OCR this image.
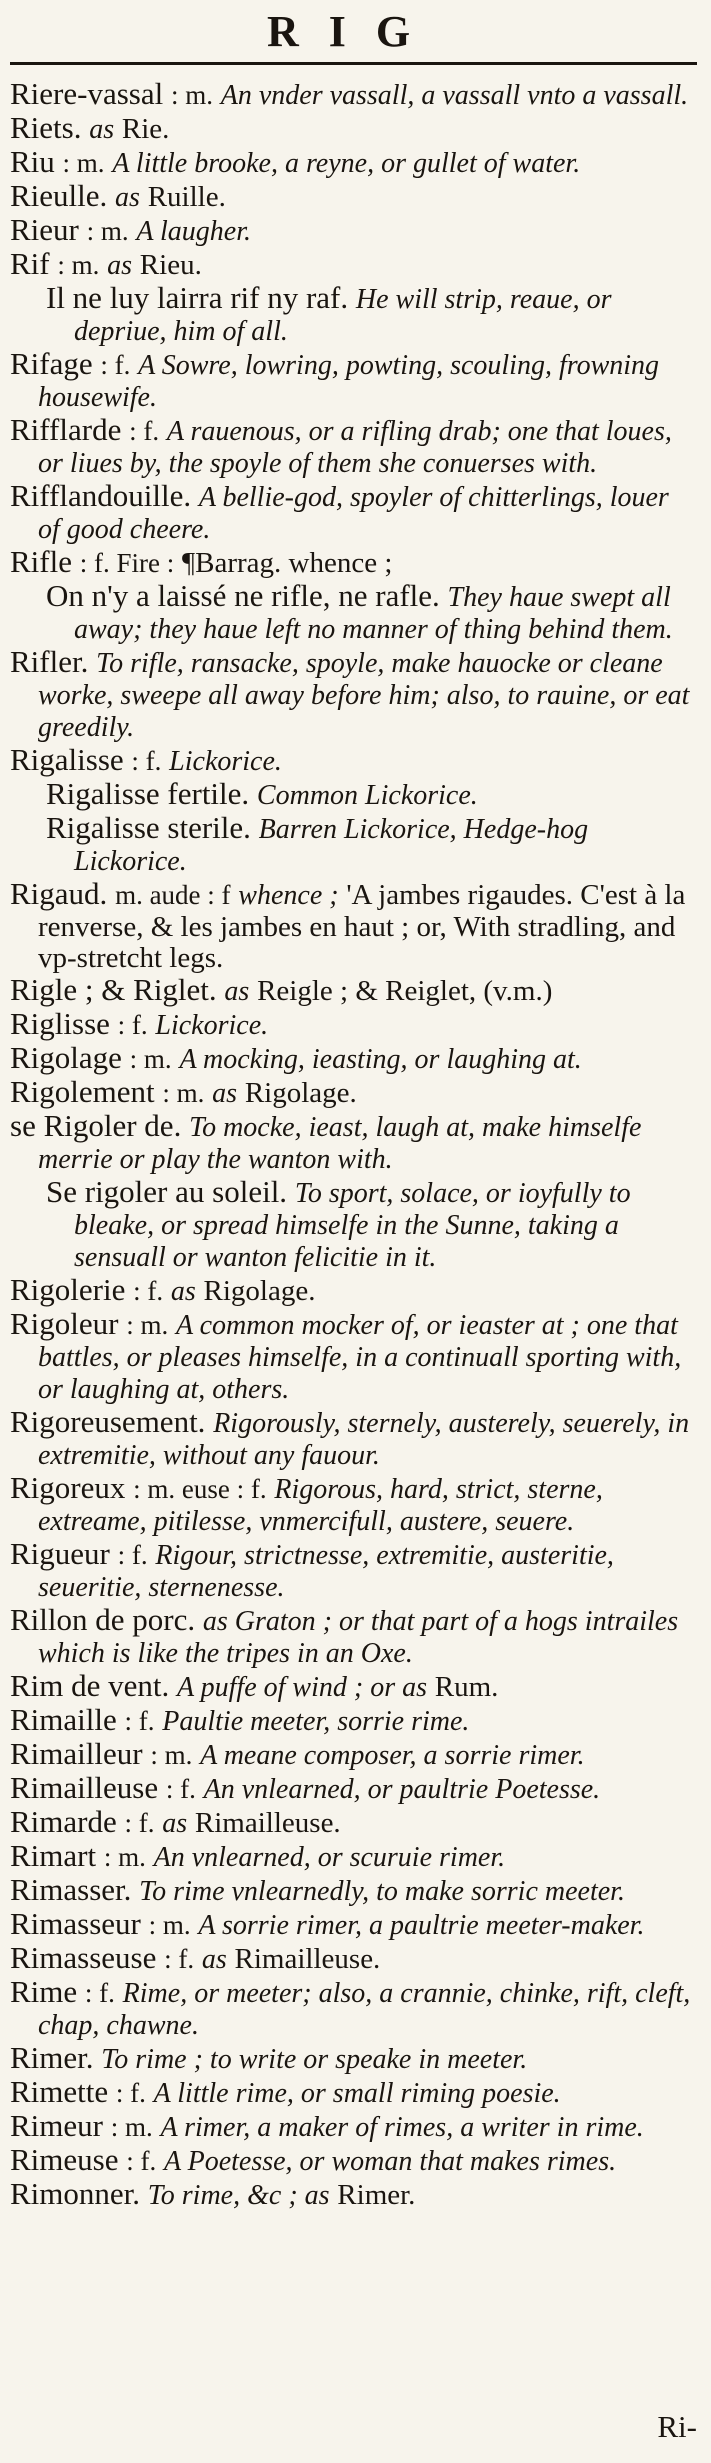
RIG
Riere-vassal : m. An vnder vassall, a vassall vnto a vassall.
Riets. as Rie.
Riu : m. A little brooke, a reyne, or gullet of water.
Rieulle. as Ruille.
Rieur : m. A laugher.
Rif : m. as Rieu.
Il ne luy lairra rif ny raf. He will strip, reaue, or depriue, him of all.
Rifage : f. A Sowre, lowring, powting, scouling, frowning housewife.
Rifflarde : f. A rauenous, or a rifling drab; one that loues, or liues by, the spoyle of them she conuerses with.
Rifflandouille. A bellie-god, spoyler of chitterlings, louer of good cheere.
Rifle : f. Fire : ¶Barrag. whence ;
On n'y a laissé ne rifle, ne rafle. They haue swept all away; they haue left no manner of thing behind them.
Rifler. To rifle, ransacke, spoyle, make hauocke or cleane worke, sweepe all away before him; also, to rauine, or eat greedily.
Rigalisse : f. Lickorice.
Rigalisse fertile. Common Lickorice.
Rigalisse sterile. Barren Lickorice, Hedge-hog Lickorice.
Rigaud. m. aude : f whence ; 'A jambes rigaudes. C'est à la renverse, & les jambes en haut ; or, With stradling, and vp-stretcht legs.
Rigle ; & Riglet. as Reigle ; & Reiglet, (v.m.)
Riglisse : f. Lickorice.
Rigolage : m. A mocking, ieasting, or laughing at.
Rigolement : m. as Rigolage.
se Rigoler de. To mocke, ieast, laugh at, make himselfe merrie or play the wanton with.
Se rigoler au soleil. To sport, solace, or ioyfully to bleake, or spread himselfe in the Sunne, taking a sensuall or wanton felicitie in it.
Rigolerie : f. as Rigolage.
Rigoleur : m. A common mocker of, or ieaster at ; one that battles, or pleases himselfe, in a continuall sporting with, or laughing at, others.
Rigoreusement. Rigorously, sternely, austerely, seuerely, in extremitie, without any fauour.
Rigoreux : m. euse : f. Rigorous, hard, strict, sterne, extreame, pitilesse, vnmercifull, austere, seuere.
Rigueur : f. Rigour, strictnesse, extremitie, austeritie, seueritie, sternenesse.
Rillon de porc. as Graton ; or that part of a hogs intrailes which is like the tripes in an Oxe.
Rim de vent. A puffe of wind ; or as Rum.
Rimaille : f. Paultie meeter, sorrie rime.
Rimailleur : m. A meane composer, a sorrie rimer.
Rimailleuse : f. An vnlearned, or paultrie Poetesse.
Rimarde : f. as Rimailleuse.
Rimart : m. An vnlearned, or scuruie rimer.
Rimasser. To rime vnlearnedly, to make sorric meeter.
Rimasseur : m. A sorrie rimer, a paultrie meeter-maker.
Rimasseuse : f. as Rimailleuse.
Rime : f. Rime, or meeter; also, a crannie, chinke, rift, cleft, chap, chawne.
Rimer. To rime ; to write or speake in meeter.
Rimette : f. A little rime, or small riming poesie.
Rimeur : m. A rimer, a maker of rimes, a writer in rime.
Rimeuse : f. A Poetesse, or woman that makes rimes.
Rimonner. To rime, &c ; as Rimer.
Ri-
